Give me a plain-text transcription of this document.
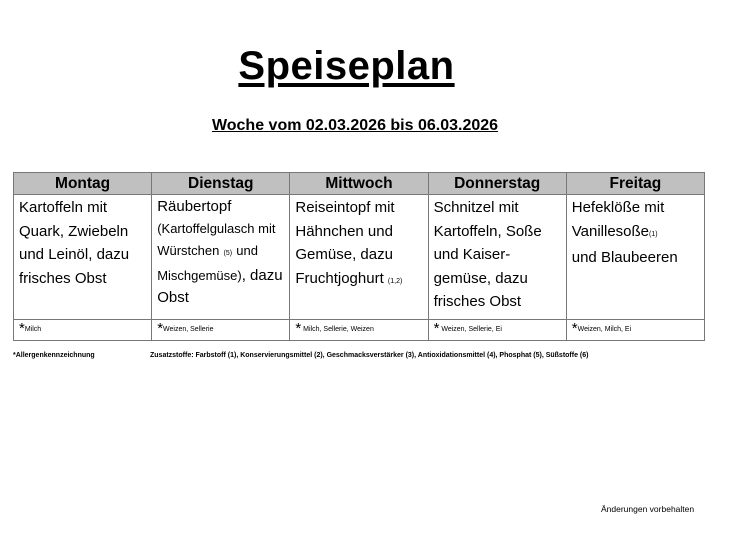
Speiseplan
Woche vom 02.03.2026 bis 06.03.2026
Montag	Dienstag	Mittwoch	Donnerstag	Freitag
Kartoffeln mit
Quark, Zwiebeln
und Leinöl, dazu
frisches Obst	Räubertopf
(Kartoffelgulasch mit
Würstchen (5) und
Mischgemüse), dazu
Obst	Reiseintopf mit
Hähnchen und
Gemüse, dazu
Fruchtjoghurt (1,2)	Schnitzel mit
Kartoffeln, Soße
und Kaiser-
gemüse, dazu
frisches Obst	Hefeklöße mit
Vanillesoße(1)
und Blaubeeren
*Milch	*Weizen, Sellerie	* Milch, Sellerie, Weizen	* Weizen, Sellerie, Ei	*Weizen, Milch, Ei
*Allergenkennzeichnung	Zusatzstoffe: Farbstoff (1), Konservierungsmittel (2), Geschmacksverstärker (3), Antioxidationsmittel (4), Phosphat (5), Süßstoffe (6)
Änderungen vorbehalten
